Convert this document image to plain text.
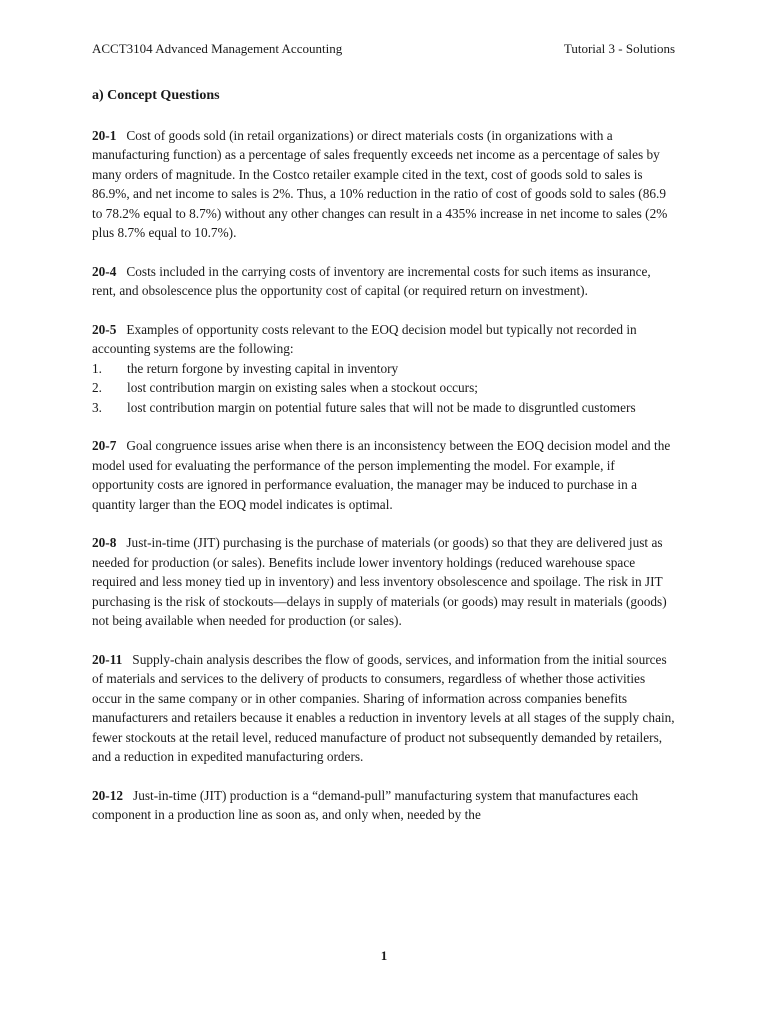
ACCT3104 Advanced Management Accounting	Tutorial 3 - Solutions
a) Concept Questions

20-1 Cost of goods sold (in retail organizations) or direct materials costs (in organizations with a manufacturing function) as a percentage of sales frequently exceeds net income as a percentage of sales by many orders of magnitude. In the Costco retailer example cited in the text, cost of goods sold to sales is 86.9%, and net income to sales is 2%. Thus, a 10% reduction in the ratio of cost of goods sold to sales (86.9 to 78.2% equal to 8.7%) without any other changes can result in a 435% increase in net income to sales (2% plus 8.7% equal to 10.7%).

20-4 Costs included in the carrying costs of inventory are incremental costs for such items as insurance, rent, and obsolescence plus the opportunity cost of capital (or required return on investment).

20-5 Examples of opportunity costs relevant to the EOQ decision model but typically not recorded in accounting systems are the following:

1. the return forgone by investing capital in inventory
2. lost contribution margin on existing sales when a stockout occurs;
3. lost contribution margin on potential future sales that will not be made to disgruntled customers

20-7 Goal congruence issues arise when there is an inconsistency between the EOQ decision model and the model used for evaluating the performance of the person implementing the model. For example, if opportunity costs are ignored in performance evaluation, the manager may be induced to purchase in a quantity larger than the EOQ model indicates is optimal.

20-8 Just-in-time (JIT) purchasing is the purchase of materials (or goods) so that they are delivered just as needed for production (or sales). Benefits include lower inventory holdings (reduced warehouse space required and less money tied up in inventory) and less inventory obsolescence and spoilage. The risk in JIT purchasing is the risk of stockouts—delays in supply of materials (or goods) may result in materials (goods) not being available when needed for production (or sales).

20-11 Supply-chain analysis describes the flow of goods, services, and information from the initial sources of materials and services to the delivery of products to consumers, regardless of whether those activities occur in the same company or in other companies. Sharing of information across companies benefits manufacturers and retailers because it enables a reduction in inventory levels at all stages of the supply chain, fewer stockouts at the retail level, reduced manufacture of product not subsequently demanded by retailers, and a reduction in expedited manufacturing orders.

20-12 Just-in-time (JIT) production is a “demand-pull” manufacturing system that manufactures each component in a production line as soon as, and only when, needed by the

1
